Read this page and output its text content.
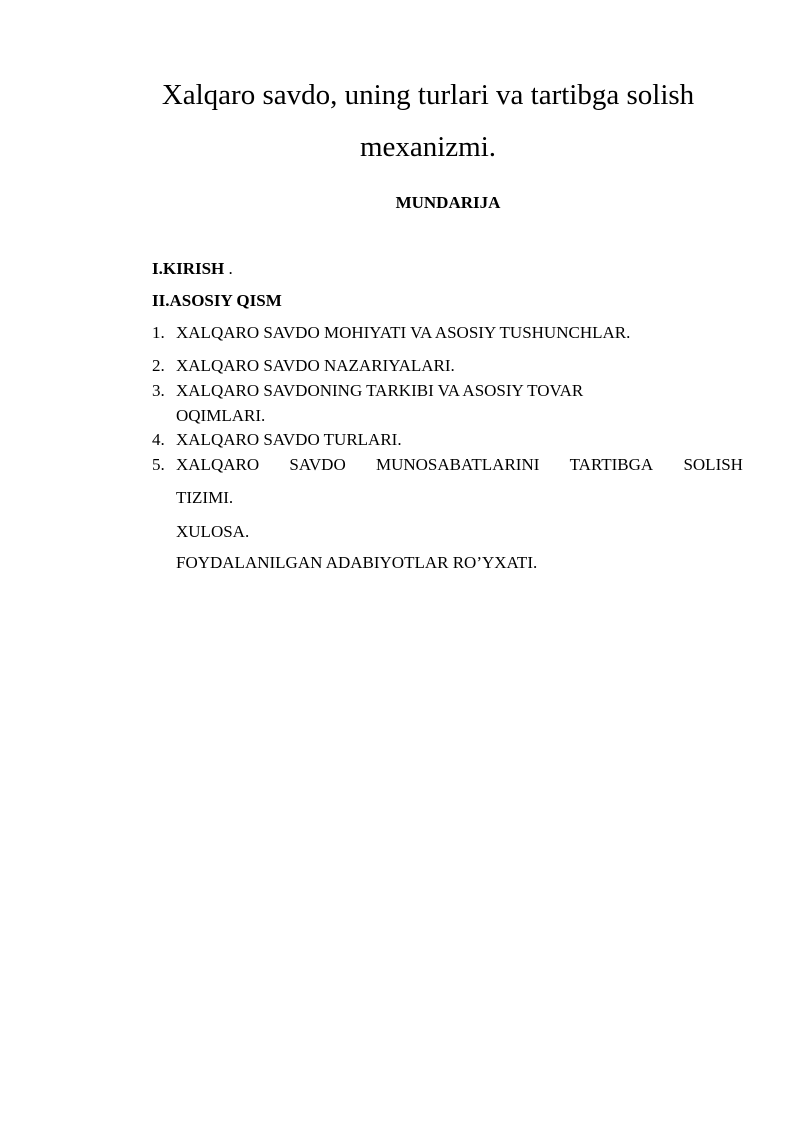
Xalqaro savdo, uning turlari va tartibga solish
mexanizmi.
MUNDARIJA
I.KIRISH .
II.ASOSIY QISM
1. XALQARO SAVDO MOHIYATI VA ASOSIY TUSHUNCHLAR.
2. XALQARO SAVDO NAZARIYALARI.
3. XALQARO SAVDONING TARKIBI VA ASOSIY TOVAR
OQIMLARI.
4. XALQARO SAVDO TURLARI.
5. XALQARO SAVDO MUNOSABATLARINI TARTIBGA SOLISH
TIZIMI.
XULOSA.
FOYDALANILGAN ADABIYOTLAR RO’YXATI.
